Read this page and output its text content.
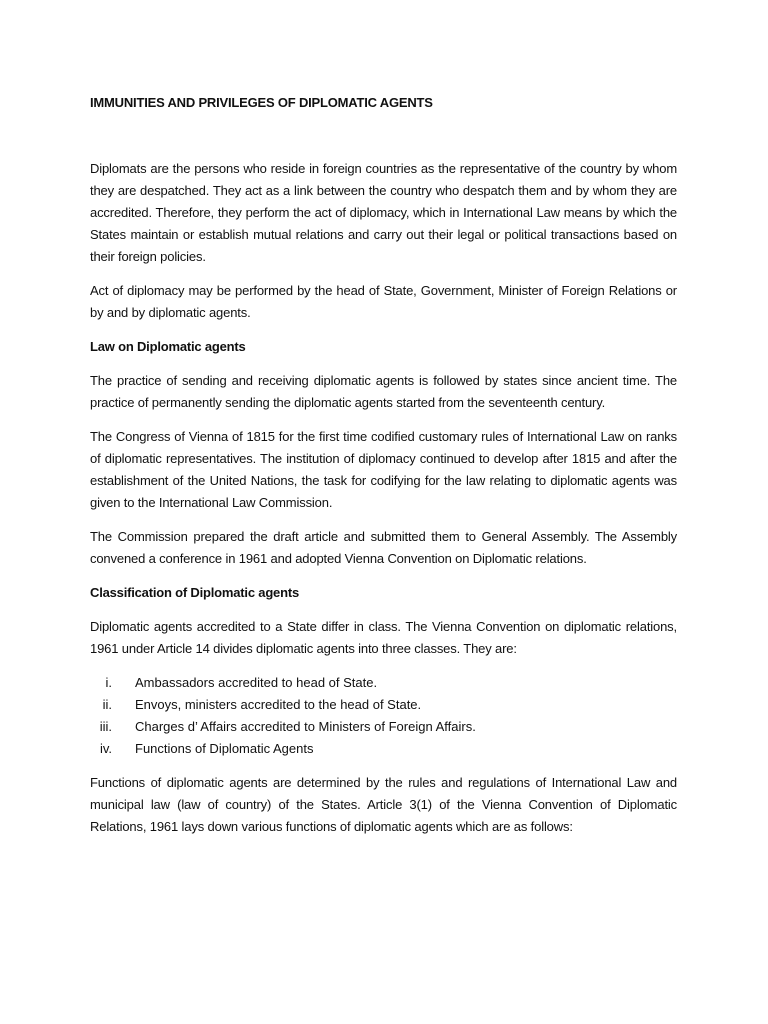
IMMUNITIES AND PRIVILEGES OF DIPLOMATIC AGENTS

Diplomats are the persons who reside in foreign countries as the representative of the country by whom they are despatched. They act as a link between the country who despatch them and by whom they are accredited. Therefore, they perform the act of diplomacy, which in International Law means by which the States maintain or establish mutual relations and carry out their legal or political transactions based on their foreign policies.

Act of diplomacy may be performed by the head of State, Government, Minister of Foreign Relations or by and by diplomatic agents.

Law on Diplomatic agents

The practice of sending and receiving diplomatic agents is followed by states since ancient time. The practice of permanently sending the diplomatic agents started from the seventeenth century.

The Congress of Vienna of 1815 for the first time codified customary rules of International Law on ranks of diplomatic representatives. The institution of diplomacy continued to develop after 1815 and after the establishment of the United Nations, the task for codifying for the law relating to diplomatic agents was given to the International Law Commission.

The Commission prepared the draft article and submitted them to General Assembly. The Assembly convened a conference in 1961 and adopted Vienna Convention on Diplomatic relations.

Classification of Diplomatic agents

Diplomatic agents accredited to a State differ in class. The Vienna Convention on diplomatic relations, 1961 under Article 14 divides diplomatic agents into three classes. They are:

i.	Ambassadors accredited to head of State.
ii.	Envoys, ministers accredited to the head of State.
iii.	Charges d’ Affairs accredited to Ministers of Foreign Affairs.
iv.	Functions of Diplomatic Agents

Functions of diplomatic agents are determined by the rules and regulations of International Law and municipal law (law of country) of the States. Article 3(1) of the Vienna Convention of Diplomatic Relations, 1961 lays down various functions of diplomatic agents which are as follows:
